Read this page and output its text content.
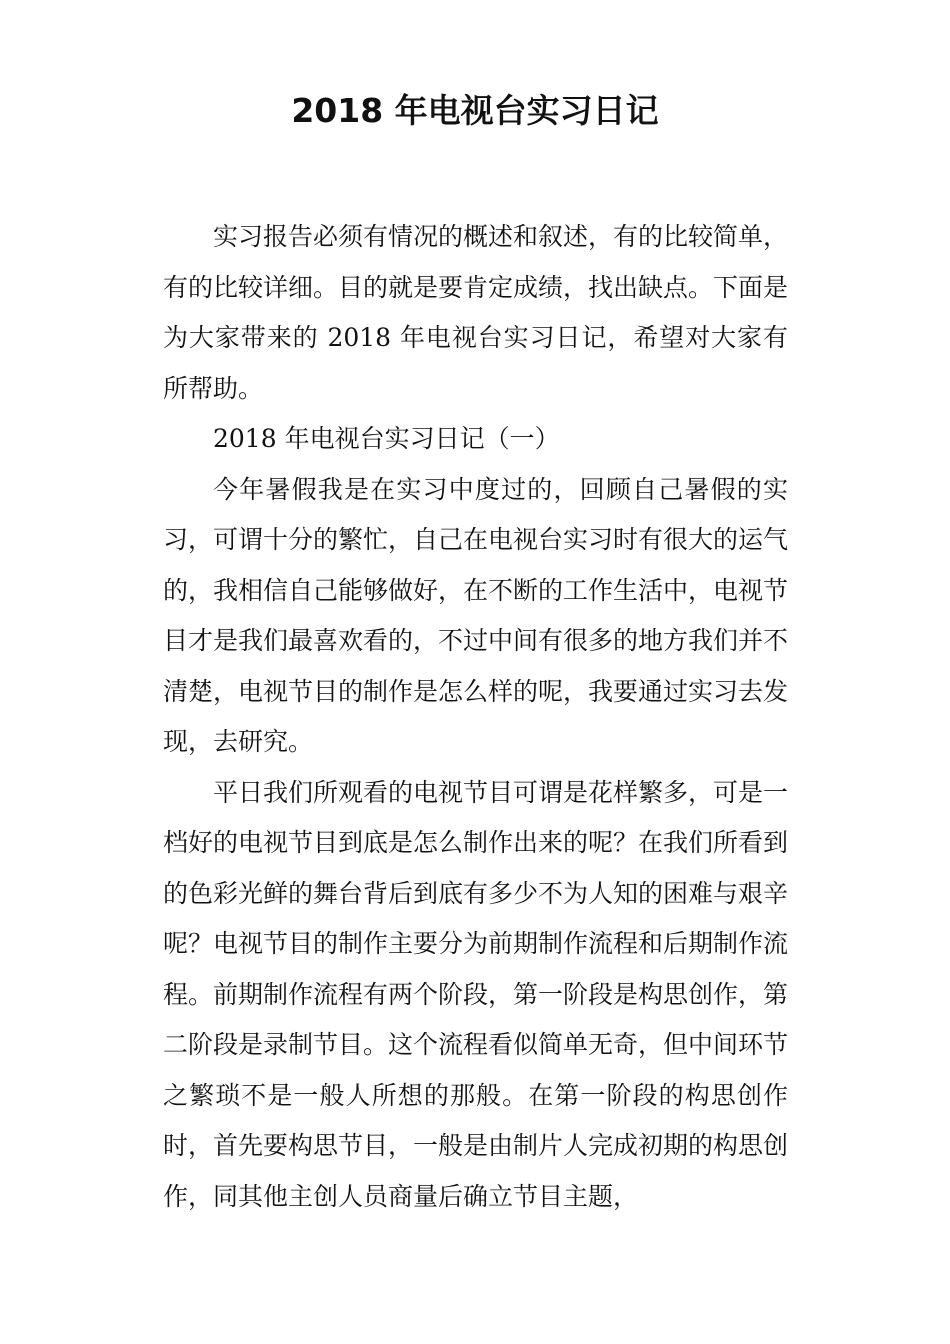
2018 年电视台实习日记

实习报告必须有情况的概述和叙述，有的比较简单，有的比较详细。目的就是要肯定成绩，找出缺点。下面是为大家带来的 2018 年电视台实习日记，希望对大家有所帮助。

2018 年电视台实习日记（一）

今年暑假我是在实习中度过的，回顾自己暑假的实习，可谓十分的繁忙，自己在电视台实习时有很大的运气的，我相信自己能够做好，在不断的工作生活中，电视节目才是我们最喜欢看的，不过中间有很多的地方我们并不清楚，电视节目的制作是怎么样的呢，我要通过实习去发现，去研究。

平日我们所观看的电视节目可谓是花样繁多，可是一档好的电视节目到底是怎么制作出来的呢？在我们所看到的色彩光鲜的舞台背后到底有多少不为人知的困难与艰辛呢？电视节目的制作主要分为前期制作流程和后期制作流程。前期制作流程有两个阶段，第一阶段是构思创作，第二阶段是录制节目。这个流程看似简单无奇，但中间环节之繁琐不是一般人所想的那般。在第一阶段的构思创作时，首先要构思节目，一般是由制片人完成初期的构思创作，同其他主创人员商量后确立节目主题，
